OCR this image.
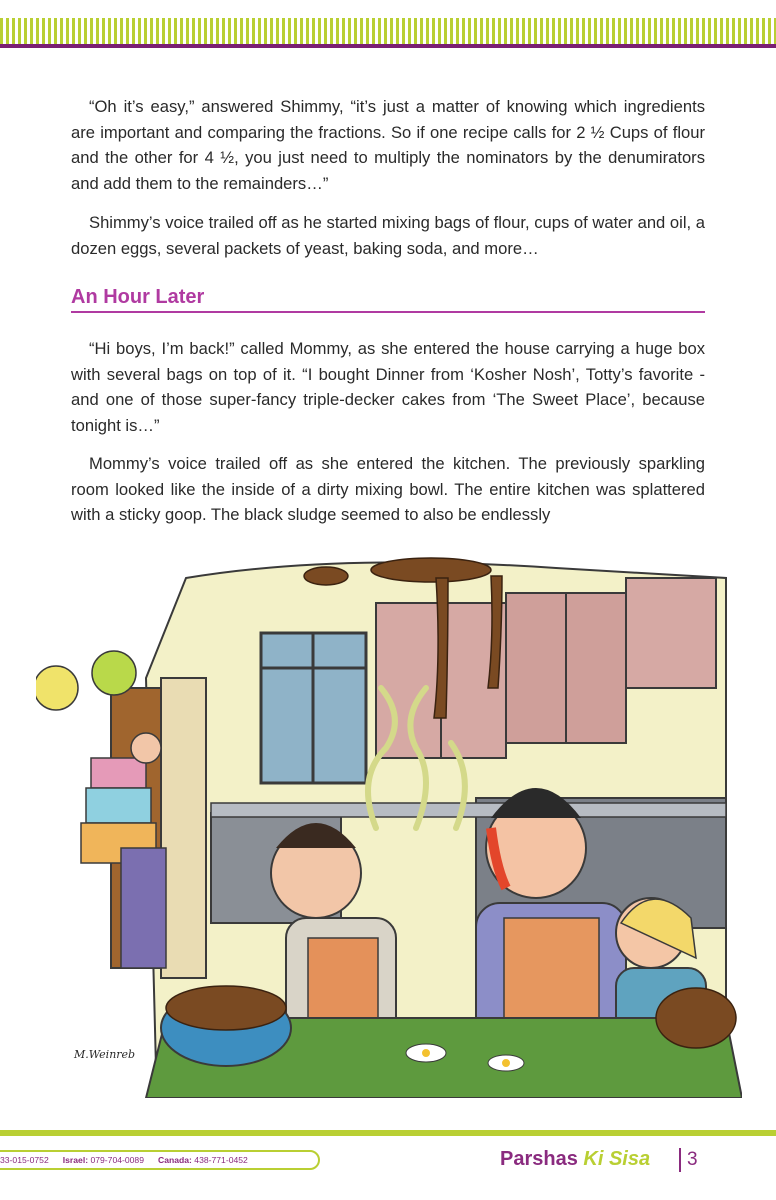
“Oh it’s easy,” answered Shimmy, “it’s just a matter of knowing which ingredients are important and comparing the fractions. So if one recipe calls for 2 ½ Cups of flour and the other for 4 ½, you just need to multiply the nominators by the denumirators and add them to the remainders…”

Shimmy’s voice trailed off as he started mixing bags of flour, cups of water and oil, a dozen eggs, several packets of yeast, baking soda, and more…

An Hour Later

“Hi boys, I’m back!” called Mommy, as she entered the house carrying a huge box with several bags on top of it. “I bought Dinner from ‘Kosher Nosh’, Totty’s favorite - and one of those super-fancy triple-decker cakes from ‘The Sweet Place’, because tonight is…”

Mommy’s voice trailed off as she entered the kitchen. The previously sparkling room looked like the inside of a dirty mixing bowl. The entire kitchen was splattered with a sticky goop. The black sludge seemed to also be endlessly

M.Weinreb
33-015-0752 Israel: 079-704-0089 Canada: 438-771-0452	Parshas Ki Sisa 3
